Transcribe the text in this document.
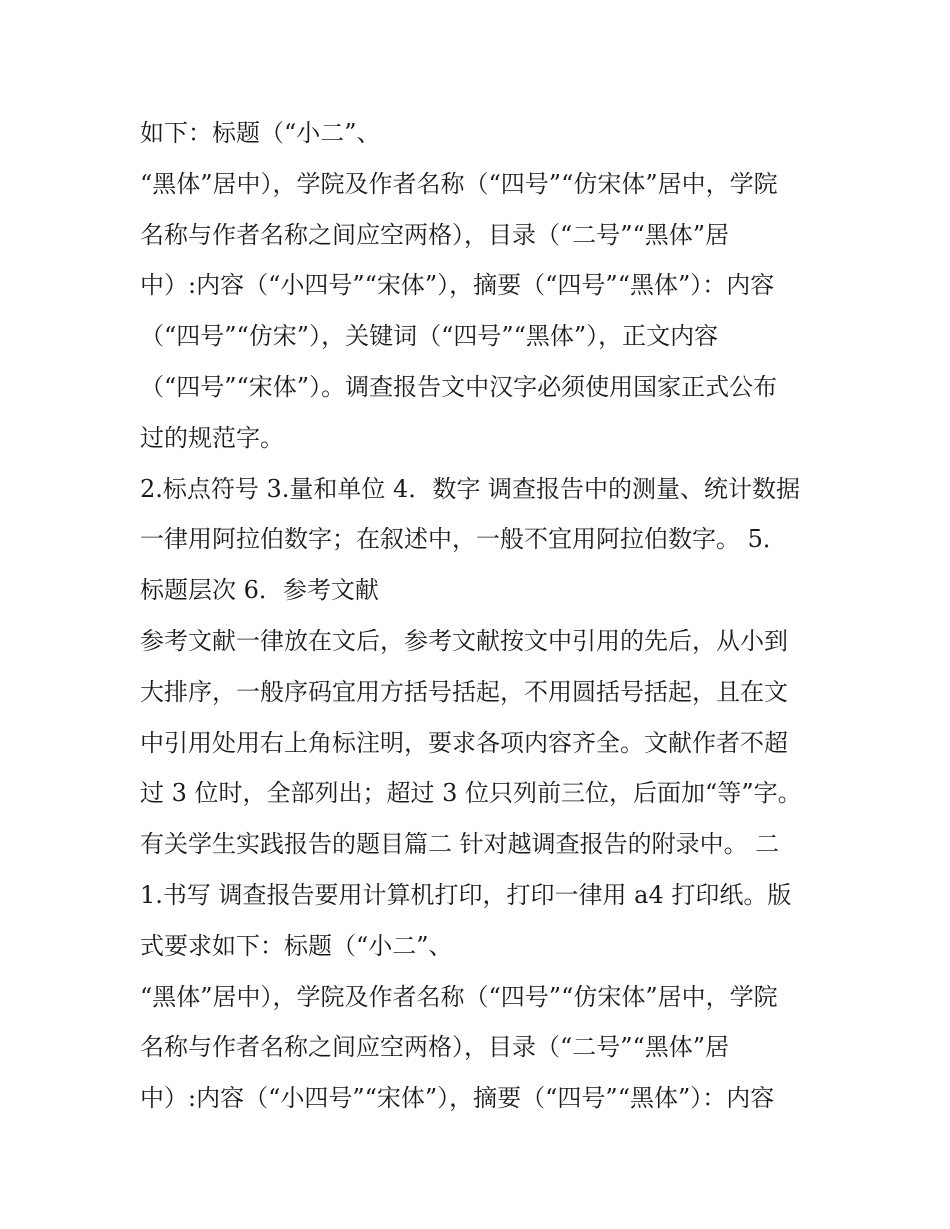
如下：标题（“小二”、
“黑体”居中），学院及作者名称（“四号”“仿宋体”居中，学院
名称与作者名称之间应空两格），目录（“二号”“黑体”居
中）:内容（“小四号”“宋体”），摘要（“四号”“黑体”）：内容
（“四号”“仿宋”），关键词（“四号”“黑体”），正文内容
（“四号”“宋体”）。调查报告文中汉字必须使用国家正式公布
过的规范字。
2.标点符号 3.量和单位 4．数字 调查报告中的测量、统计数据
一律用阿拉伯数字；在叙述中，一般不宜用阿拉伯数字。 5．
标题层次 6．参考文献
参考文献一律放在文后，参考文献按文中引用的先后，从小到
大排序，一般序码宜用方括号括起，不用圆括号括起，且在文
中引用处用右上角标注明，要求各项内容齐全。文献作者不超
过 3 位时，全部列出；超过 3 位只列前三位，后面加“等”字。
有关学生实践报告的题目篇二 针对越调查报告的附录中。 二
1.书写 调查报告要用计算机打印，打印一律用 a4 打印纸。版
式要求如下：标题（“小二”、
“黑体”居中），学院及作者名称（“四号”“仿宋体”居中，学院
名称与作者名称之间应空两格），目录（“二号”“黑体”居
中）:内容（“小四号”“宋体”），摘要（“四号”“黑体”）：内容
